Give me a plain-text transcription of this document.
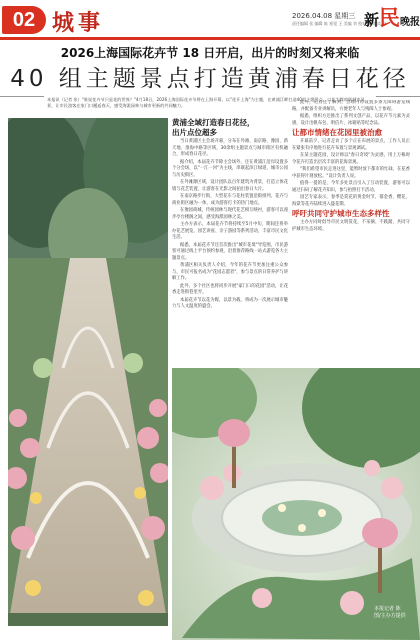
02 城事	2026.04.08 星期三
责任编辑 张 编辑 陈 视觉 王 美编 刘 校对 李 审读 赵
新民晚报
2026上海国际花卉节 18 日开启，出片的时刻又将来临
40 组主题景点打造黄浦春日花径
本报讯（记者 张）"谁说花卉节只是花的世界？"4月18日，2026上海国际花卉节将在上海开幕，以"花开上海"为主题，在黄浦江畔打造40组主题景点，以花为媒串联城市风景，让市民游客在家门口邂逅春天，感受海派园林与城市更新的共同魅力。

黄浦全域打造春日花径，
出片点位超多

当日黄浦区主会场开幕，分布在外滩、南京路、豫园、新天地、淮海中路等区域，30余组主题景点与城市街区有机融合，形成春日花径。

据介绍，本届花卉节除主会场外，还在黄浦江沿岸设置多个分会场，以"一江一河"为主线，串联起滨江绿道、城市公园与历史街区。

在外滩源区域，设计团队以百年建筑为背景，打造立体花墙与花艺装置，让游客在光影之间拍出春日大片。

在南京路步行街，大型花车与花柱装置沿街排列，花卉与商业街区融为一体，成为游客打卡的热门地点。

在豫园商城，传统园林与现代花艺相互映衬，游客可以漫步亭台楼阁之间，感受海派园林之美。

主办方表示，本届花卉节将持续至5月中旬，期间还将举办花艺展览、园艺讲座、亲子游园等系列活动，丰富市民文化生活。

据悉，本届花卉节还首次推出"城市花境"导览图，市民游客可通过线上平台预约参观，沿着推荐路线一站式游览各大主题景点。

黄浦区相关负责人介绍，今年的花卉节更加注重公众参与，市民可报名成为"花园志愿者"，参与景点的日常养护与讲解工作。

此外，多个社区也将同步开展"家门口的花园"活动，让花香走进街巷里弄。

本届花卉节以花为媒，以景为载，将成为一次展示城市魅力与人文温度的盛会。

此外，记者还了解到，会场内将设置多条无障碍游览线路，并配备专业讲解员，方便老年人与残障人士参观。

据悉，组织方还推出了系列文创产品，以花卉节元素为灵感，设计出帆布包、明信片、冰箱贴等纪念品。

让都市情绪在花园里被治愈

开幕前夕，记者走访了多个正在布展的景点，工作人员正在紧张有序地进行花卉布置与景观调试。

在某主题花园，设计师以"春日奇境"为灵感，用上万株时令花卉打造出层次丰富的花海景观。

"我们希望市民走进这里，能暂时放下都市的忙碌，在花香中获得片刻放松。"设计负责人说。

值得一提的是，今年多处景点引入了互动装置，游客可以通过扫码了解花卉知识，参与拍照打卡活动。

园艺专家表示，春季是赏花的黄金时节，郁金香、樱花、海棠等花卉陆续进入盛花期。

呼吁共同守护城市生态多样性

主办方同时倡导市民文明赏花，不采摘、不践踏，共同守护城市生态环境。

本报记者 陈
图/主办方提供
